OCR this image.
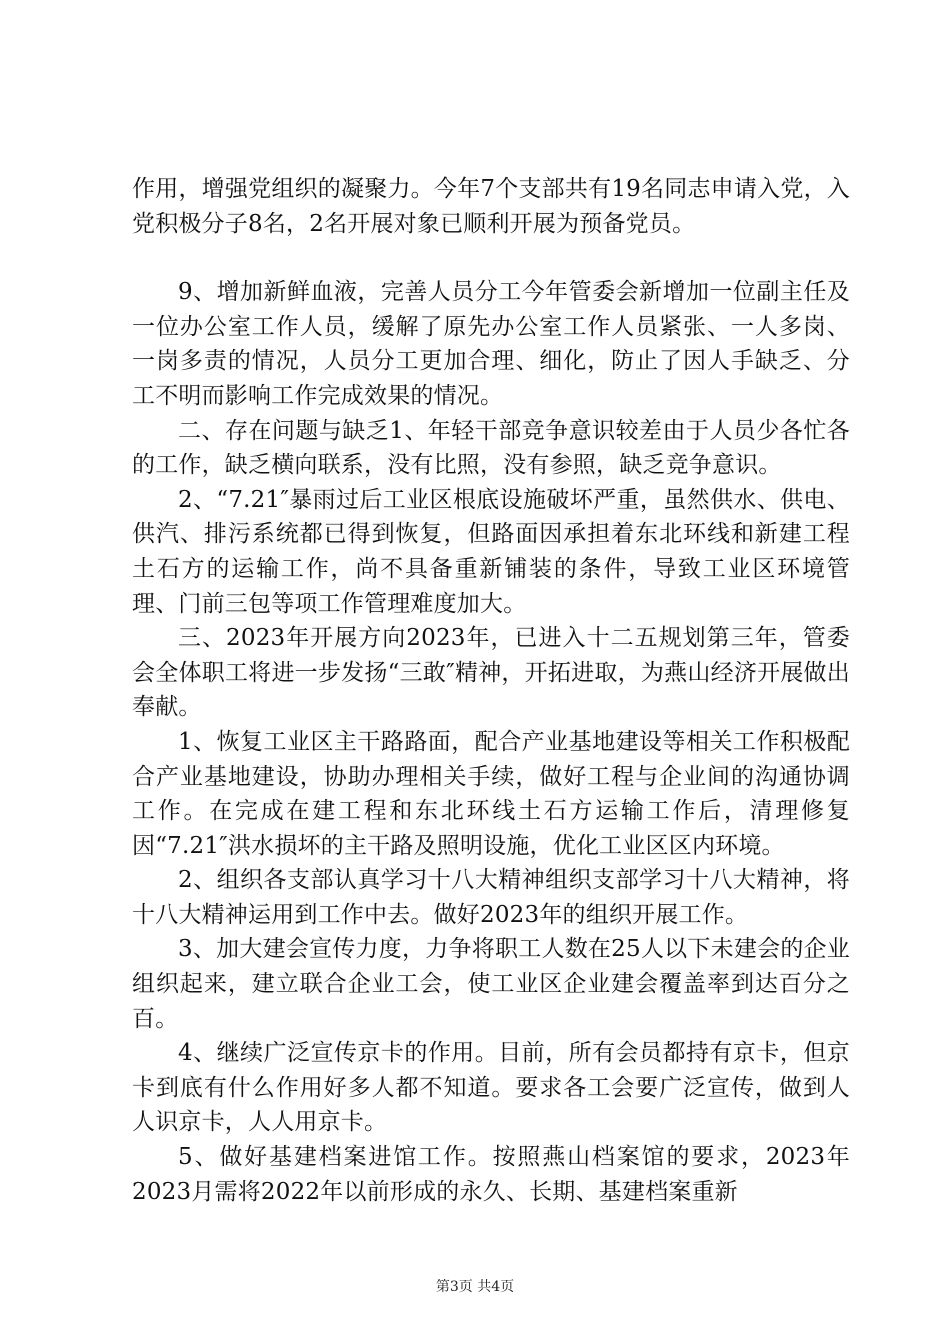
作用，增强党组织的凝聚力。今年7个支部共有19名同志申请入党，入党积极分子8名，2名开展对象已顺利开展为预备党员。

9、增加新鲜血液，完善人员分工今年管委会新增加一位副主任及一位办公室工作人员，缓解了原先办公室工作人员紧张、一人多岗、一岗多责的情况，人员分工更加合理、细化，防止了因人手缺乏、分工不明而影响工作完成效果的情况。

二、存在问题与缺乏1、年轻干部竞争意识较差由于人员少各忙各的工作，缺乏横向联系，没有比照，没有参照，缺乏竞争意识。

2、“7.21″暴雨过后工业区根底设施破坏严重，虽然供水、供电、供汽、排污系统都已得到恢复，但路面因承担着东北环线和新建工程土石方的运输工作，尚不具备重新铺装的条件，导致工业区环境管理、门前三包等项工作管理难度加大。

三、2023年开展方向2023年，已进入十二五规划第三年，管委会全体职工将进一步发扬“三敢″精神，开拓进取，为燕山经济开展做出奉献。

1、恢复工业区主干路路面，配合产业基地建设等相关工作积极配合产业基地建设，协助办理相关手续，做好工程与企业间的沟通协调工作。在完成在建工程和东北环线土石方运输工作后，清理修复因“7.21″洪水损坏的主干路及照明设施，优化工业区区内环境。

2、组织各支部认真学习十八大精神组织支部学习十八大精神，将十八大精神运用到工作中去。做好2023年的组织开展工作。

3、加大建会宣传力度，力争将职工人数在25人以下未建会的企业组织起来，建立联合企业工会，使工业区企业建会覆盖率到达百分之百。

4、继续广泛宣传京卡的作用。目前，所有会员都持有京卡，但京卡到底有什么作用好多人都不知道。要求各工会要广泛宣传，做到人人识京卡，人人用京卡。

5、做好基建档案进馆工作。按照燕山档案馆的要求，2023年2023月需将2022年以前形成的永久、长期、基建档案重新

第3页 共4页
